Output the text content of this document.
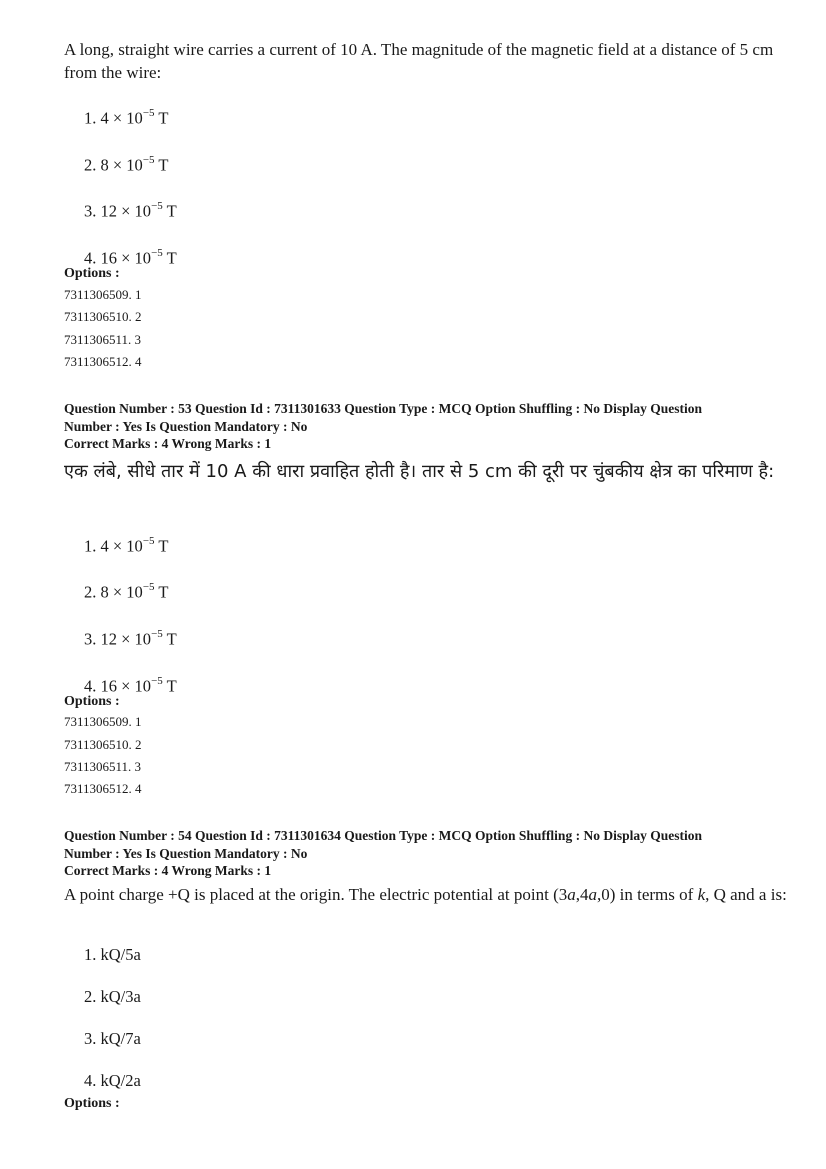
A long, straight wire carries a current of 10 A. The magnitude of the magnetic field at a distance of 5 cm from the wire:
1. $4 \times 10^{-5}$ T
2. $8 \times 10^{-5}$ T
3. $12 \times 10^{-5}$ T
4. $16 \times 10^{-5}$ T
Options :
7311306509. 1
7311306510. 2
7311306511. 3
7311306512. 4
Question Number : 53 Question Id : 7311301633 Question Type : MCQ Option Shuffling : No Display Question
Number : Yes Is Question Mandatory : No
Correct Marks : 4 Wrong Marks : 1
एक लंबे, सीधे तार में 10 A की धारा प्रवाहित होती है। तार से 5 cm की दूरी पर चुंबकीय क्षेत्र का परिमाण है:
1. $4 \times 10^{-5}$ T
2. $8 \times 10^{-5}$ T
3. $12 \times 10^{-5}$ T
4. $16 \times 10^{-5}$ T
Options :
7311306509. 1
7311306510. 2
7311306511. 3
7311306512. 4
Question Number : 54 Question Id : 7311301634 Question Type : MCQ Option Shuffling : No Display Question
Number : Yes Is Question Mandatory : No
Correct Marks : 4 Wrong Marks : 1
A point charge +Q is placed at the origin. The electric potential at point (3a,4a,0) in terms of k, Q and a is:
1. kQ/5a
2. kQ/3a
3. kQ/7a
4. kQ/2a
Options :
